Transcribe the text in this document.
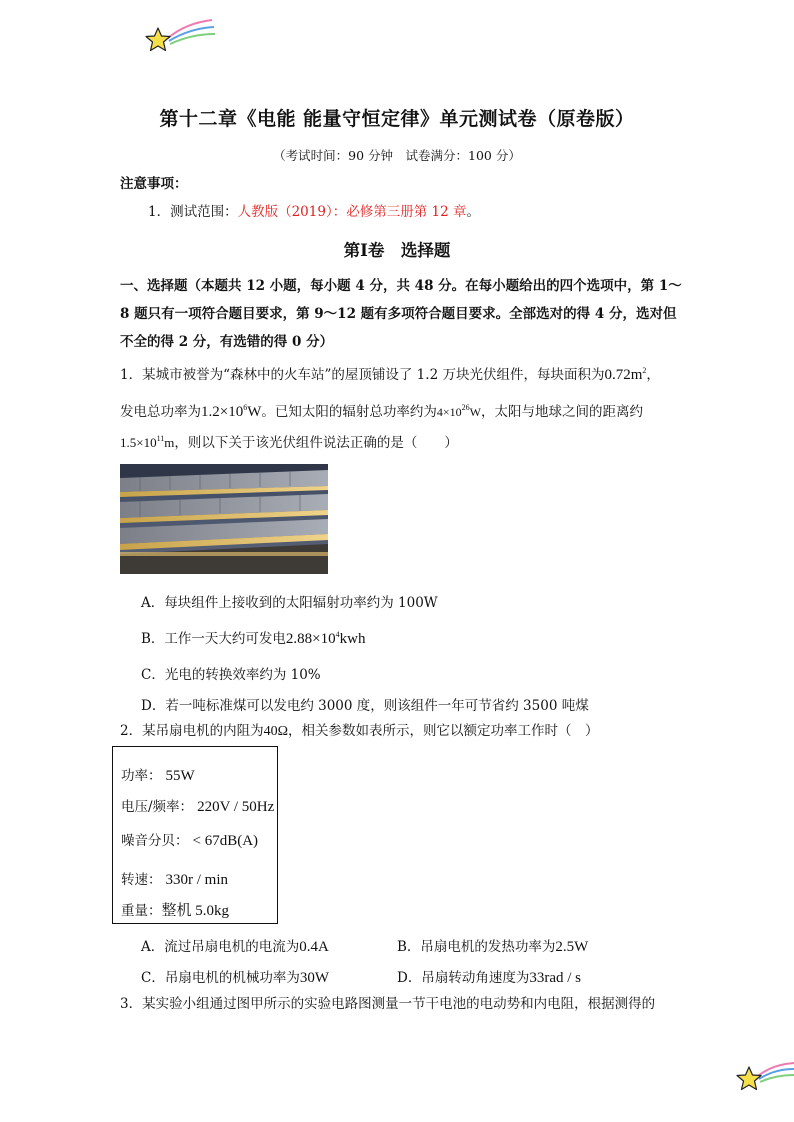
第十二章《电能 能量守恒定律》单元测试卷（原卷版）
（考试时间：90 分钟　试卷满分：100 分）
注意事项：
1．测试范围：人教版（2019）：必修第三册第 12 章。
第Ⅰ卷　选择题
一、选择题（本题共 12 小题，每小题 4 分，共 48 分。在每小题给出的四个选项中，第 1～
8 题只有一项符合题目要求，第 9～12 题有多项符合题目要求。全部选对的得 4 分，选对但
不全的得 2 分，有选错的得 0 分）
1．某城市被誉为“森林中的火车站”的屋顶铺设了 1.2 万块光伏组件，每块面积为$0.72m^2$，
发电总功率为$1.2\times 10^6W$。已知太阳的辐射总功率约为$4\times 10^{26}W$，太阳与地球之间的距离约
$1.5\times 10^{11}m$，则以下关于该光伏组件说法正确的是（　　）
A．每块组件上接收到的太阳辐射功率约为 100W
B．工作一天大约可发电$2.88\times 10^4kwh$
C．光电的转换效率约为 10%
D．若一吨标准煤可以发电约 3000 度，则该组件一年可节省约 3500 吨煤
2．某吊扇电机的内阻为40Ω，相关参数如表所示，则它以额定功率工作时（　）
功率： 55W
电压/频率： 220V / 50Hz
噪音分贝： < 67dB(A)
转速： 330r / min
重量：整机 5.0kg
A．流过吊扇电机的电流为0.4A	B．吊扇电机的发热功率为2.5W
C．吊扇电机的机械功率为30W	D．吊扇转动角速度为33rad / s
3．某实验小组通过图甲所示的实验电路图测量一节干电池的电动势和内电阻，根据测得的
